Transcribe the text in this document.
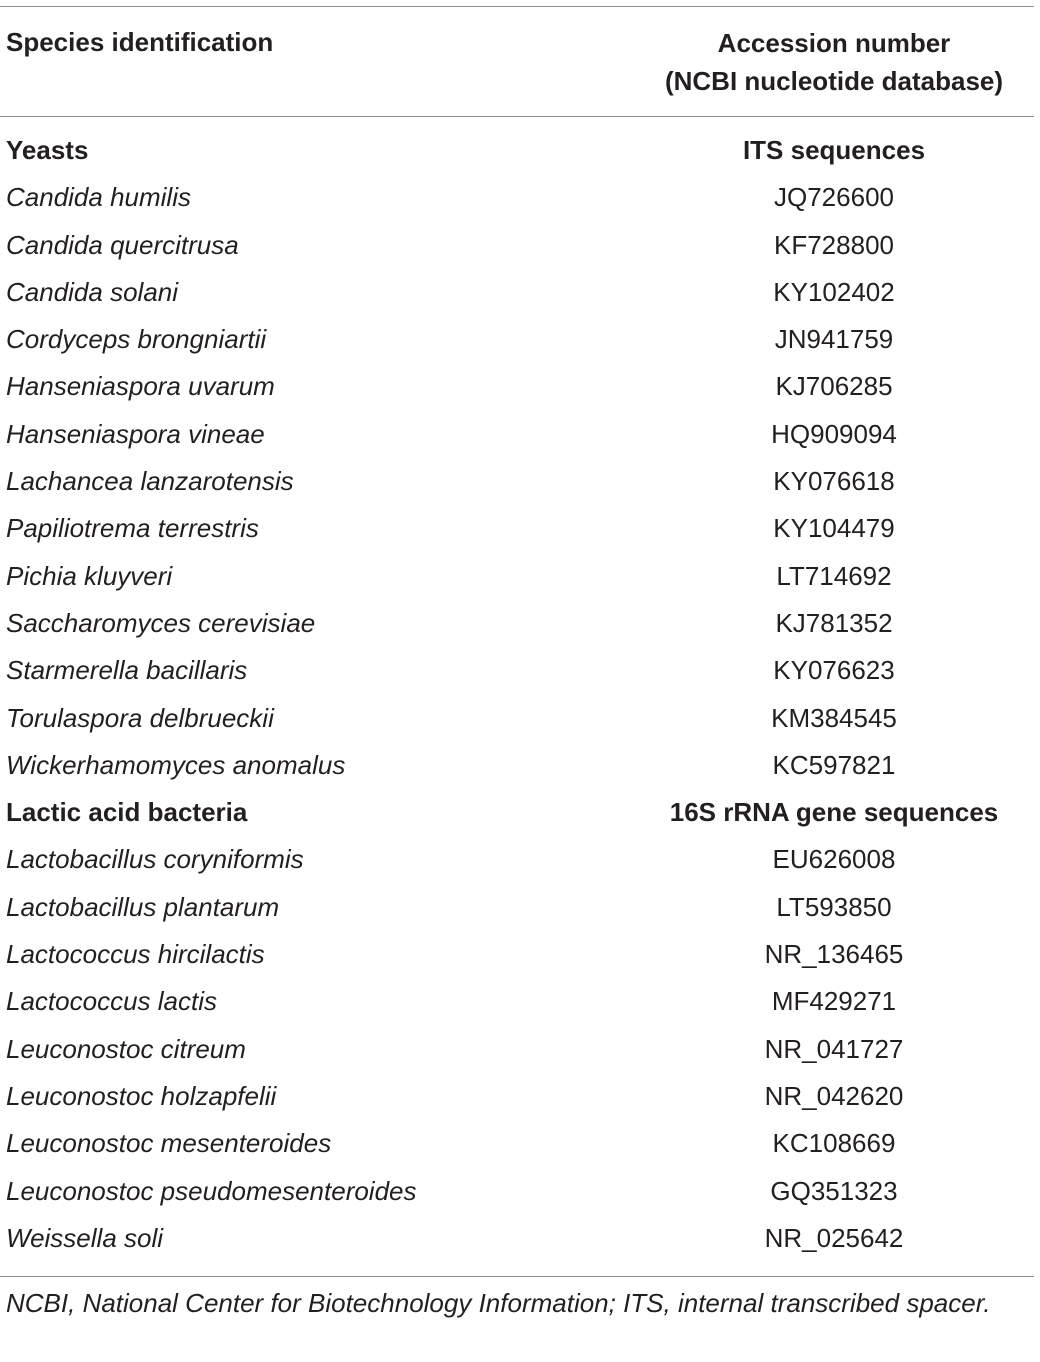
Species identification	Accession number
(NCBI nucleotide database)
Yeasts	ITS sequences
Candida humilis	JQ726600
Candida quercitrusa	KF728800
Candida solani	KY102402
Cordyceps brongniartii	JN941759
Hanseniaspora uvarum	KJ706285
Hanseniaspora vineae	HQ909094
Lachancea lanzarotensis	KY076618
Papiliotrema terrestris	KY104479
Pichia kluyveri	LT714692
Saccharomyces cerevisiae	KJ781352
Starmerella bacillaris	KY076623
Torulaspora delbrueckii	KM384545
Wickerhamomyces anomalus	KC597821
Lactic acid bacteria	16S rRNA gene sequences
Lactobacillus coryniformis	EU626008
Lactobacillus plantarum	LT593850
Lactococcus hircilactis	NR_136465
Lactococcus lactis	MF429271
Leuconostoc citreum	NR_041727
Leuconostoc holzapfelii	NR_042620
Leuconostoc mesenteroides	KC108669
Leuconostoc pseudomesenteroides	GQ351323
Weissella soli	NR_025642
NCBI, National Center for Biotechnology Information; ITS, internal transcribed spacer.
